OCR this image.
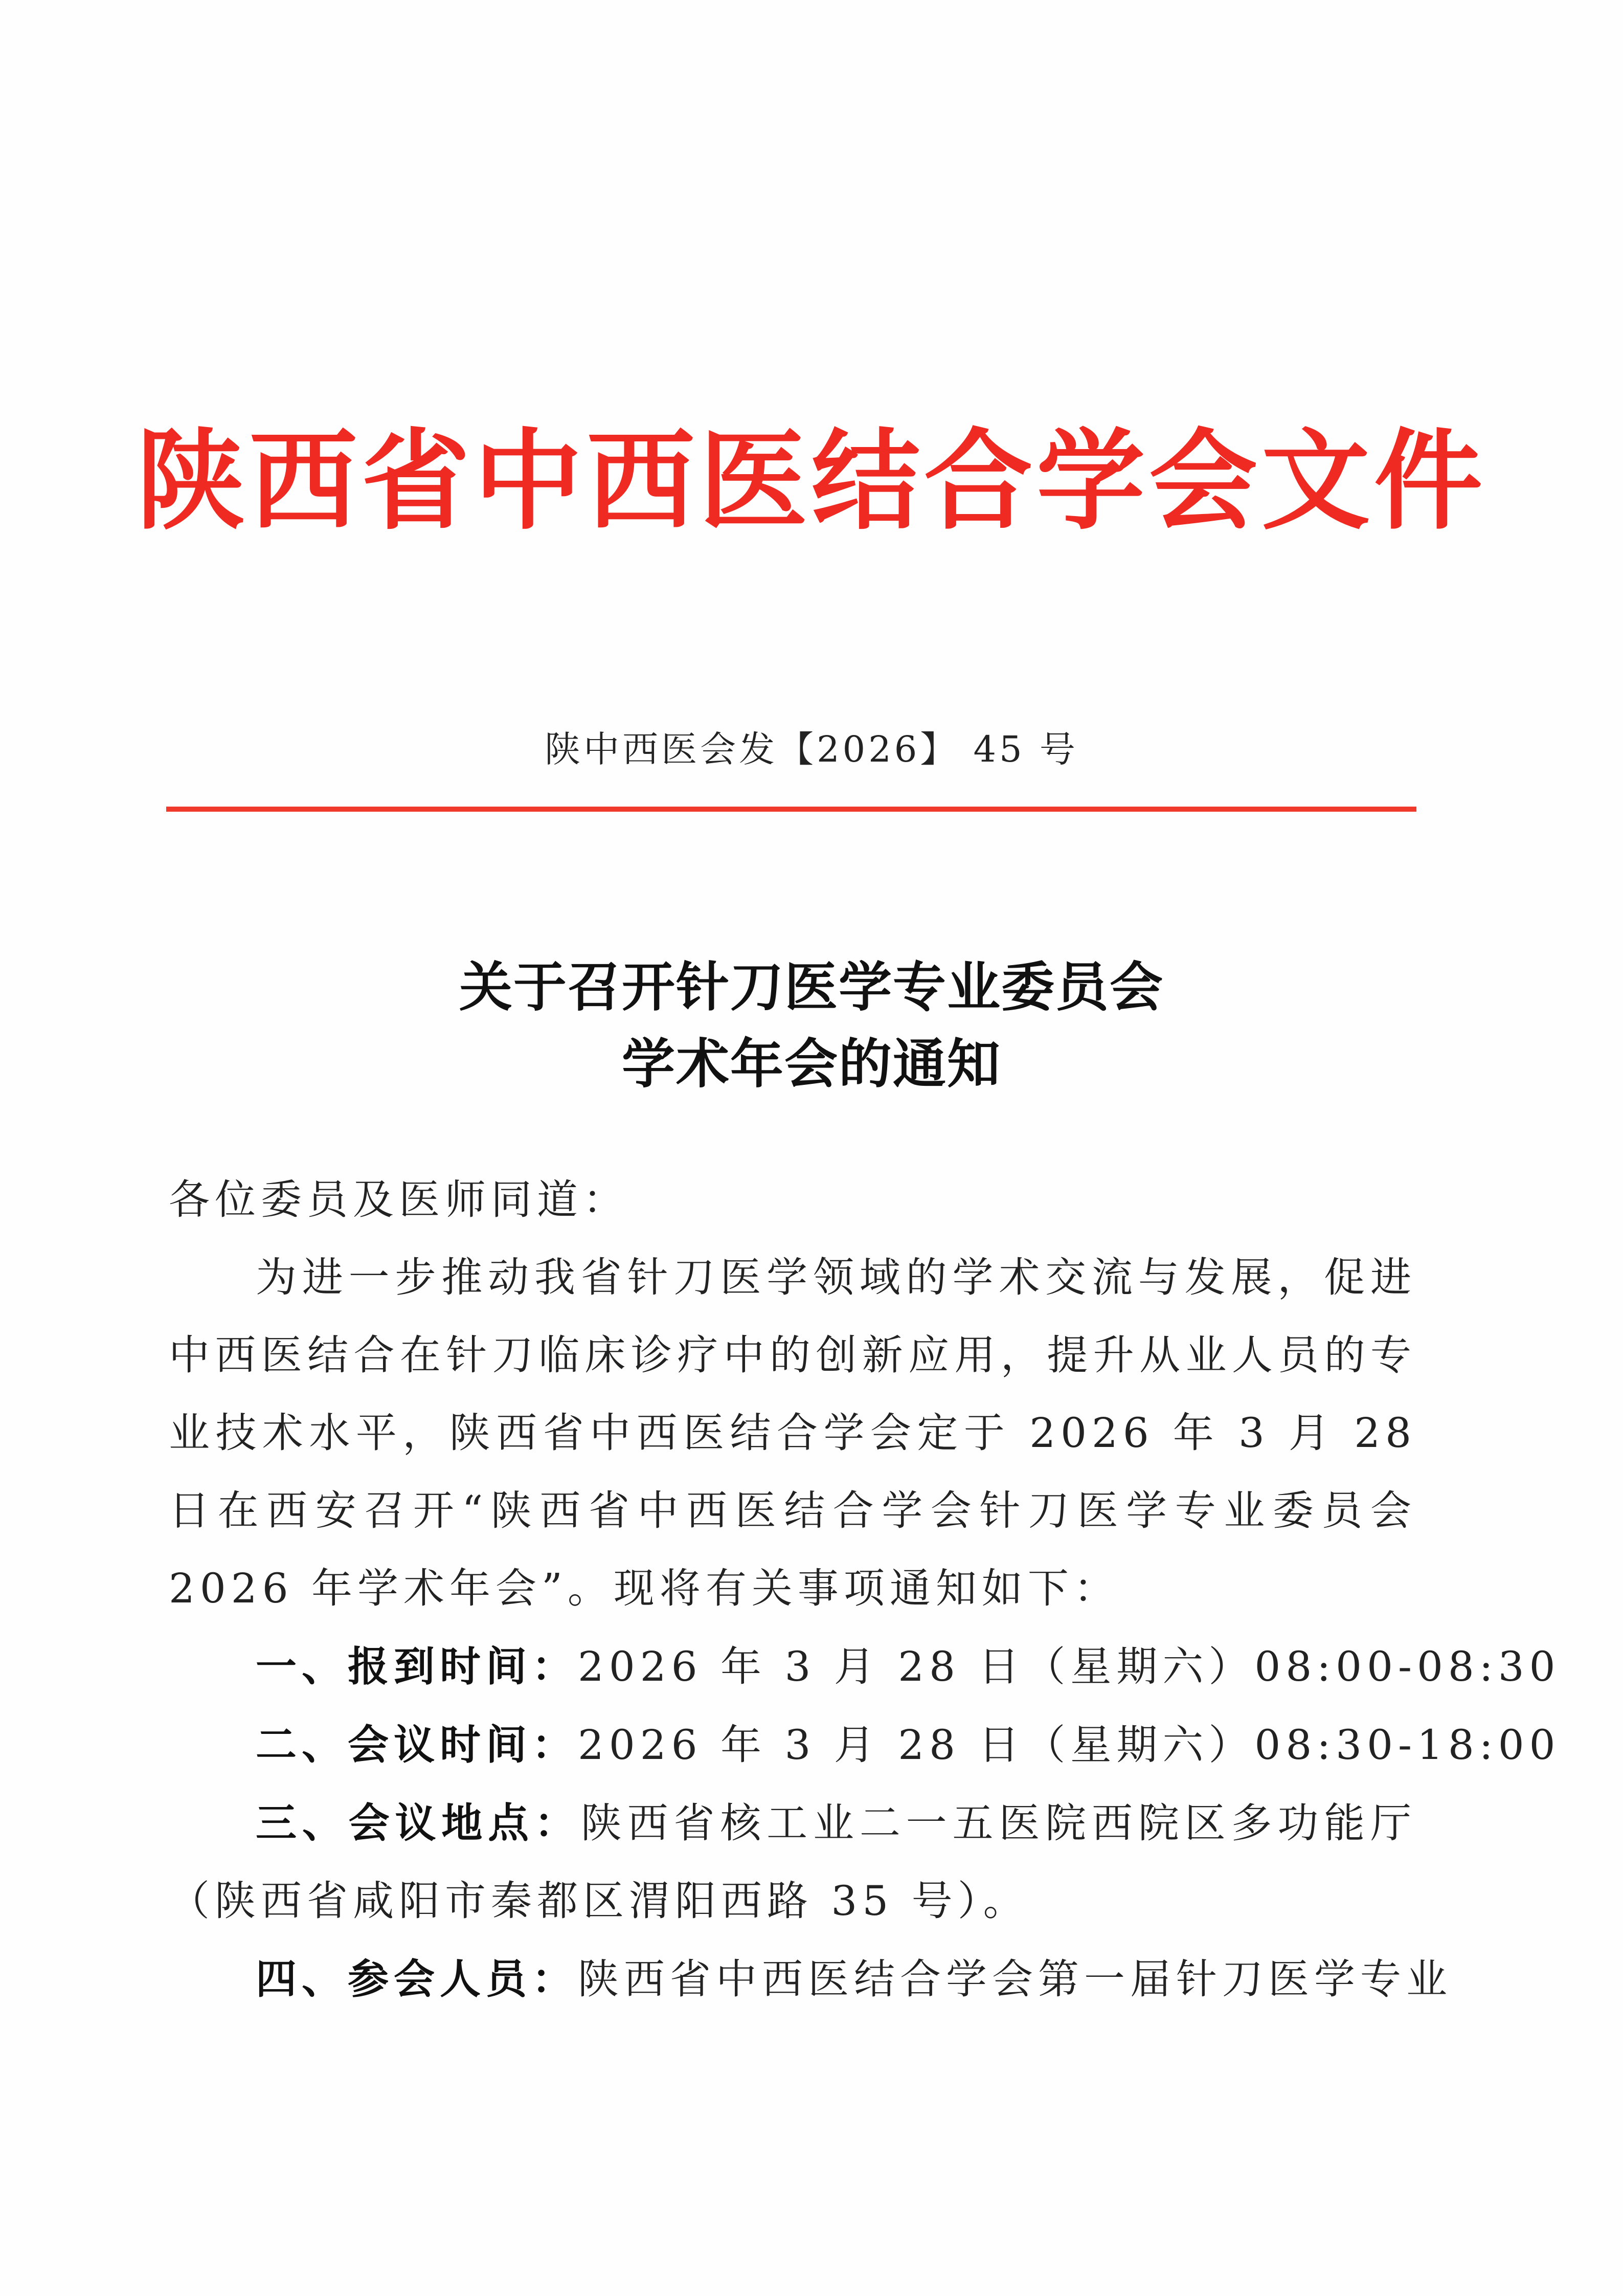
陕西省中西医结合学会文件
陕中西医会发【2026】 45 号
关于召开针刀医学专业委员会
学术年会的通知
各位委员及医师同道：
为进一步推动我省针刀医学领域的学术交流与发展，促进中西医结合在针刀临床诊疗中的创新应用，提升从业人员的专业技术水平，陕西省中西医结合学会定于 2026 年 3 月 28 日在西安召开“陕西省中西医结合学会针刀医学专业委员会 2026 年学术年会”。现将有关事项通知如下：
一、报到时间：2026 年 3 月 28 日（星期六）08:00-08:30
二、会议时间：2026 年 3 月 28 日（星期六）08:30-18:00
三、会议地点：陕西省核工业二一五医院西院区多功能厅（陕西省咸阳市秦都区渭阳西路 35 号）。
四、参会人员：陕西省中西医结合学会第一届针刀医学专业
